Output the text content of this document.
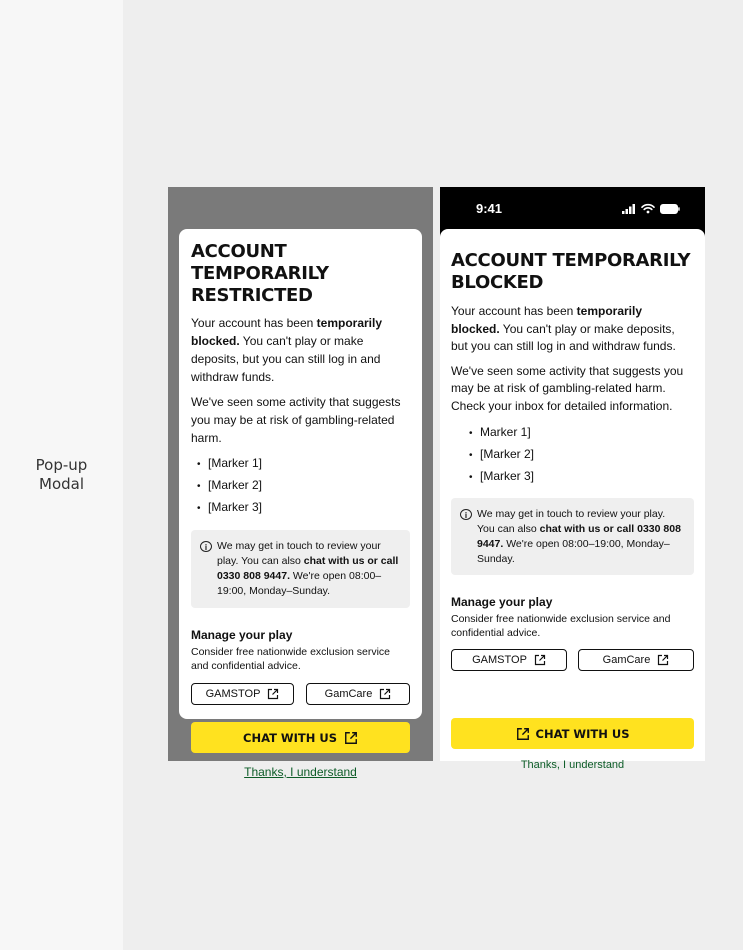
Pop-up
Modal
ACCOUNT TEMPORARILY RESTRICTED

Your account has been temporarily blocked. You can't play or make deposits, but you can still log in and withdraw funds.

We've seen some activity that suggests you may be at risk of gambling-related harm.

• [Marker 1]
• [Marker 2]
• [Marker 3]
i We may get in touch to review your play. You can also chat with us or call 0330 808 9447. We're open 08:00–19:00, Monday–Sunday.

Manage your play

Consider free nationwide exclusion service and confidential advice.

GAMSTOP	GamCare
CHAT WITH US
Thanks, I understand
9:41
ACCOUNT TEMPORARILY BLOCKED

Your account has been temporarily blocked. You can't play or make deposits, but you can still log in and withdraw funds.

We've seen some activity that suggests you may be at risk of gambling-related harm. Check your inbox for detailed information.

• Marker 1]
• [Marker 2]
• [Marker 3]
i We may get in touch to review your play. You can also chat with us or call 0330 808 9447. We're open 08:00–19:00, Monday–Sunday.

Manage your play

Consider free nationwide exclusion service and confidential advice.

GAMSTOP	GamCare
CHAT WITH US
Thanks, I understand
